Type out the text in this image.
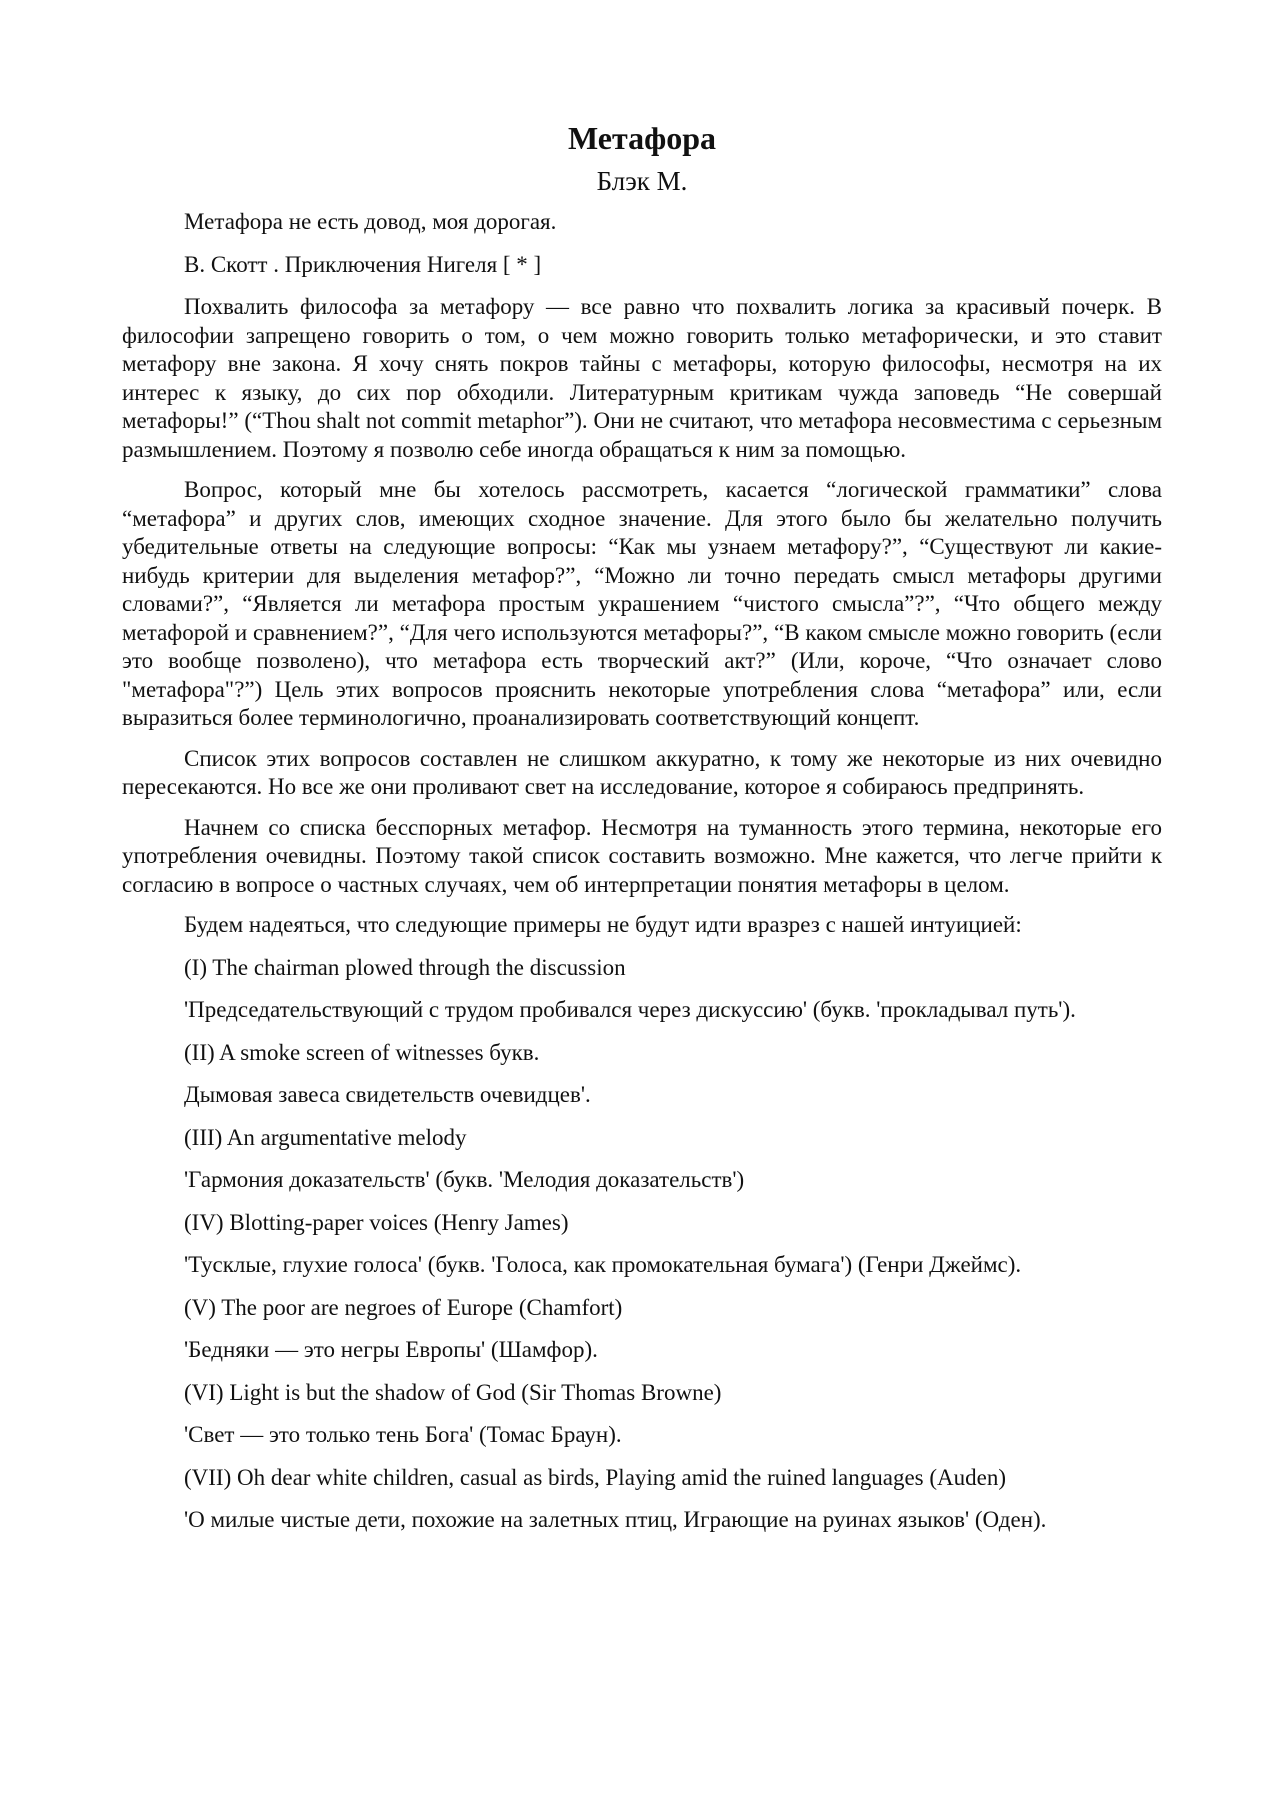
Метафора
Блэк М.
Метафора не есть довод, моя дорогая.
В. Скотт . Приключения Нигеля [ * ]

Похвалить философа за метафору — все равно что похвалить логика за красивый почерк. В философии запрещено говорить о том, о чем можно говорить только метафорически, и это ставит метафору вне закона. Я хочу снять покров тайны с метафоры, которую философы, несмотря на их интерес к языку, до сих пор обходили. Литературным критикам чужда заповедь “Не совершай метафоры!” (“Thou shalt not commit metaphor”). Они не считают, что метафора несовместима с серьезным размышлением. Поэтому я позволю себе иногда обращаться к ним за помощью.

Вопрос, который мне бы хотелось рассмотреть, касается “логической грамматики” слова “метафора” и других слов, имеющих сходное значение. Для этого было бы желательно получить убедительные ответы на следующие вопросы: “Как мы узнаем метафору?”, “Существуют ли какие-нибудь критерии для выделения метафор?”, “Можно ли точно передать смысл метафоры другими словами?”, “Является ли метафора простым украшением “чистого смысла”?”, “Что общего между метафорой и сравнением?”, “Для чего используются метафоры?”, “В каком смысле можно говорить (если это вообще позволено), что метафора есть творческий акт?” (Или, короче, “Что означает слово "метафора"?”) Цель этих вопросов прояснить некоторые употребления слова “метафора” или, если выразиться более терминологично, проанализировать соответствующий концепт.

Список этих вопросов составлен не слишком аккуратно, к тому же некоторые из них очевидно пересекаются. Но все же они проливают свет на исследование, которое я собираюсь предпринять.

Начнем со списка бесспорных метафор. Несмотря на туманность этого термина, некоторые его употребления очевидны. Поэтому такой список составить возможно. Мне кажется, что легче прийти к согласию в вопросе о частных случаях, чем об интерпретации понятия метафоры в целом.

Будем надеяться, что следующие примеры не будут идти вразрез с нашей интуицией:
(I) The chairman plowed through the discussion
'Председательствующий с трудом пробивался через дискуссию' (букв. 'прокладывал путь').
(II) A smoke screen of witnesses букв.
Дымовая завеса свидетельств очевидцев'.
(III) An argumentative melody
'Гармония доказательств' (букв. 'Мелодия доказательств')
(IV) Blotting-paper voices (Henry James)
'Тусклые, глухие голоса' (букв. 'Голоса, как промокательная бумага') (Генри Джеймс).
(V) The poor are negroes of Europe (Chamfort)
'Бедняки — это негры Европы' (Шамфор).
(VI) Light is but the shadow of God (Sir Thomas Browne)
'Свет — это только тень Бога' (Томас Браун).
(VII) Oh dear white children, casual as birds, Playing amid the ruined languages (Auden)
'О милые чистые дети, похожие на залетных птиц, Играющие на руинах языков' (Оден).
